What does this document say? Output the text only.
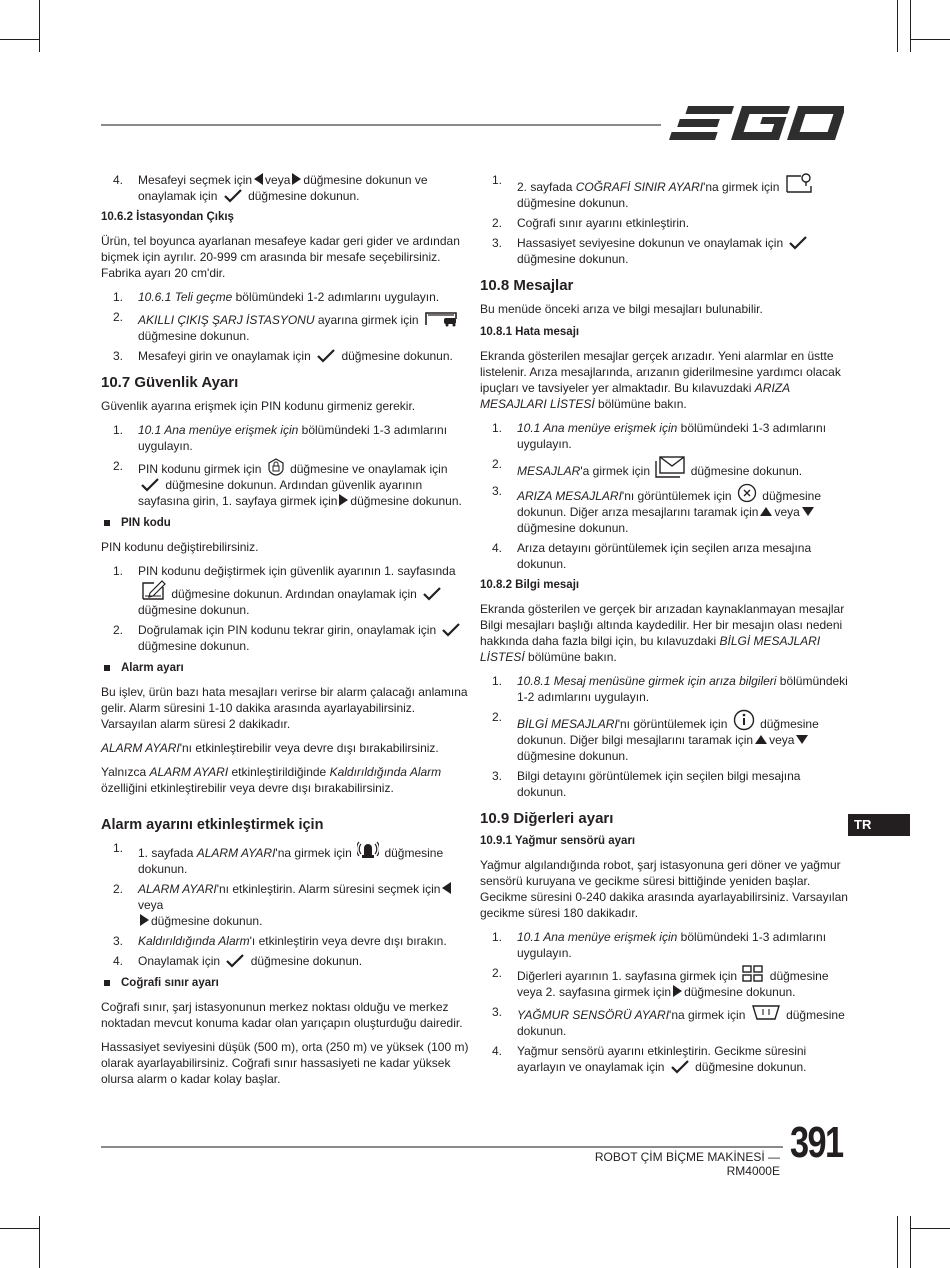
4. Mesafeyi seçmek için veya düğmesine dokunun ve onaylamak için	düğmesine dokunun.
10.6.2 İstasyondan Çıkış

Ürün, tel boyunca ayarlanan mesafeye kadar geri gider ve ardından biçmek için ayrılır. 20-999 cm arasında bir mesafe seçebilirsiniz. Fabrika ayarı 20 cm'dir.

1. 10.6.1 Teli geçme bölümündeki 1-2 adımlarını uygulayın.
2. AKILLI ÇIKIŞ ŞARJ İSTASYONU ayarına girmek için  düğmesine dokunun.
3. Mesafeyi girin ve onaylamak için	düğmesine dokunun.
10.7 Güvenlik Ayarı

Güvenlik ayarına erişmek için PIN kodunu girmeniz gerekir.

1. 10.1 Ana menüye erişmek için bölümündeki 1-3 adımlarını uygulayın.
2. PIN kodunu girmek için düğmesine ve onaylamak için  düğmesine dokunun. Ardından güvenlik ayarının sayfasına girin, 1. sayfaya girmek için düğmesine dokunun.
PIN kodu

PIN kodunu değiştirebilirsiniz.

1. PIN kodunu değiştirmek için güvenlik ayarının 1. sayfasında  düğmesine dokunun. Ardından onaylamak için  düğmesine dokunun.
2. Doğrulamak için PIN kodunu tekrar girin, onaylamak için  düğmesine dokunun.
Alarm ayarı

Bu işlev, ürün bazı hata mesajları verirse bir alarm çalacağı anlamına gelir. Alarm süresini 1-10 dakika arasında ayarlayabilirsiniz. Varsayılan alarm süresi 2 dakikadır.

ALARM AYARI'nı etkinleştirebilir veya devre dışı bırakabilirsiniz.

Yalnızca ALARM AYARI etkinleştirildiğinde Kaldırıldığında Alarm özelliğini etkinleştirebilir veya devre dışı bırakabilirsiniz.

Alarm ayarını etkinleştirmek için
1. 1. sayfada ALARM AYARI'na girmek için	düğmesine dokunun.
2. ALARM AYARI'nı etkinleştirin. Alarm süresini seçmek içinveya
düğmesine dokunun.
3. Kaldırıldığında Alarm'ı etkinleştirin veya devre dışı bırakın.
4. Onaylamak için	düğmesine dokunun.
Coğrafi sınır ayarı

Coğrafi sınır, şarj istasyonunun merkez noktası olduğu ve merkez noktadan mevcut konuma kadar olan yarıçapın oluşturduğu dairedir.

Hassasiyet seviyesini düşük (500 m), orta (250 m) ve yüksek (100 m) olarak ayarlayabilirsiniz. Coğrafi sınır hassasiyeti ne kadar yüksek olursa alarm o kadar kolay başlar.

1. 2. sayfada COĞRAFİ SINIR AYARI'na girmek için  düğmesine dokunun.
2. Coğrafi sınır ayarını etkinleştirin.
3. Hassasiyet seviyesine dokunun ve onaylamak için  düğmesine dokunun.
10.8 Mesajlar

Bu menüde önceki arıza ve bilgi mesajları bulunabilir.

10.8.1 Hata mesajı

Ekranda gösterilen mesajlar gerçek arızadır. Yeni alarmlar en üstte listelenir. Arıza mesajlarında, arızanın giderilmesine yardımcı olacak ipuçları ve tavsiyeler yer almaktadır. Bu kılavuzdaki ARIZA MESAJLARI LİSTESİ bölümüne bakın.

1. 10.1 Ana menüye erişmek için bölümündeki 1-3 adımlarını uygulayın.
2. MESAJLAR'a girmek için	düğmesine dokunun.
3. ARIZA MESAJLARI'nı görüntülemek için	düğmesine dokunun. Diğer arıza mesajlarını taramak için veyadüğmesine dokunun.
4. Arıza detayını görüntülemek için seçilen arıza mesajına dokunun.
10.8.2 Bilgi mesajı

Ekranda gösterilen ve gerçek bir arızadan kaynaklanmayan mesajlar Bilgi mesajları başlığı altında kaydedilir. Her bir mesajın olası nedeni hakkında daha fazla bilgi için, bu kılavuzdaki BİLGİ MESAJLARI LİSTESİ bölümüne bakın.

1. 10.8.1 Mesaj menüsüne girmek için arıza bilgileri bölümündeki 1-2 adımlarını uygulayın.
2. BİLGİ MESAJLARI'nı görüntülemek için	düğmesine dokunun. Diğer bilgi mesajlarını taramak için veyadüğmesine dokunun.
3. Bilgi detayını görüntülemek için seçilen bilgi mesajına dokunun.
10.9 Diğerleri ayarı
10.9.1 Yağmur sensörü ayarı

Yağmur algılandığında robot, şarj istasyonuna geri döner ve yağmur sensörü kuruyana ve gecikme süresi bittiğinde yeniden başlar. Gecikme süresini 0-240 dakika arasında ayarlayabilirsiniz. Varsayılan gecikme süresi 180 dakikadır.

1. 10.1 Ana menüye erişmek için bölümündeki 1-3 adımlarını uygulayın.
2. Diğerleri ayarının 1. sayfasına girmek için	düğmesine veya 2. sayfasına girmek için düğmesine dokunun.
3. YAĞMUR SENSÖRÜ AYARI'na girmek için	düğmesine dokunun.
4. Yağmur sensörü ayarını etkinleştirin. Gecikme süresini ayarlayın ve onaylamak için	düğmesine dokunun.
TR
ROBOT ÇİM BİÇME MAKİNESİ — RM4000E
391
